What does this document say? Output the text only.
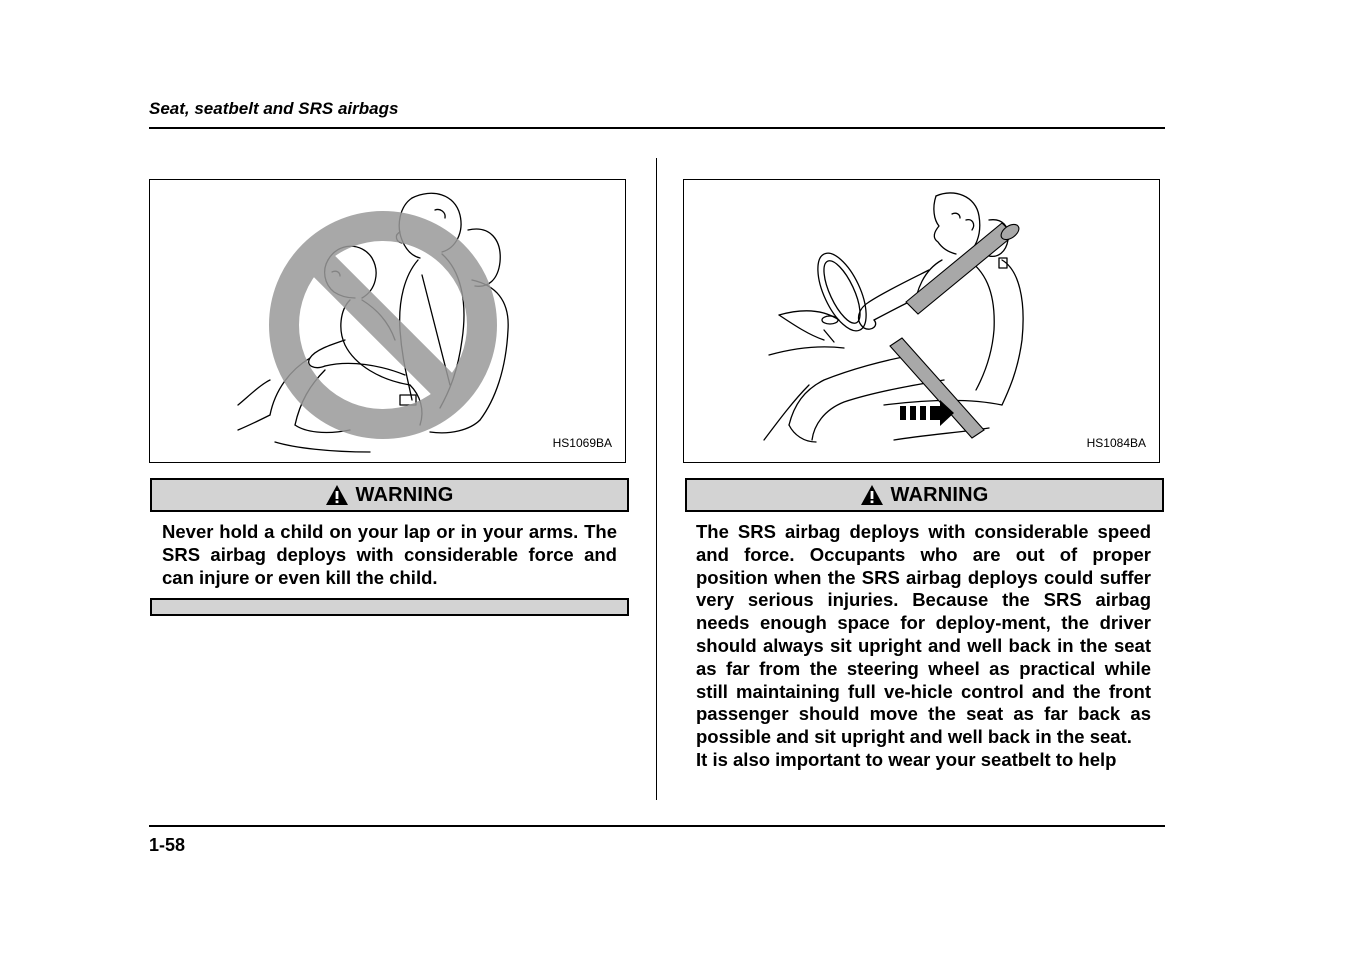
Seat, seatbelt and SRS airbags
HS1069BA
WARNING

Never hold a child on your lap or in your arms. The SRS airbag deploys with considerable force and can injure or even kill the child.

HS1084BA
WARNING

The SRS airbag deploys with considerable speed and force. Occupants who are out of proper position when the SRS airbag deploys could suffer very serious injuries. Because the SRS airbag needs enough space for deploy-ment, the driver should always sit upright and well back in the seat as far from the steering wheel as practical while still maintaining full ve-hicle control and the front passenger should move the seat as far back as possible and sit upright and well back in the seat.

It is also important to wear your seatbelt to help

1-58
